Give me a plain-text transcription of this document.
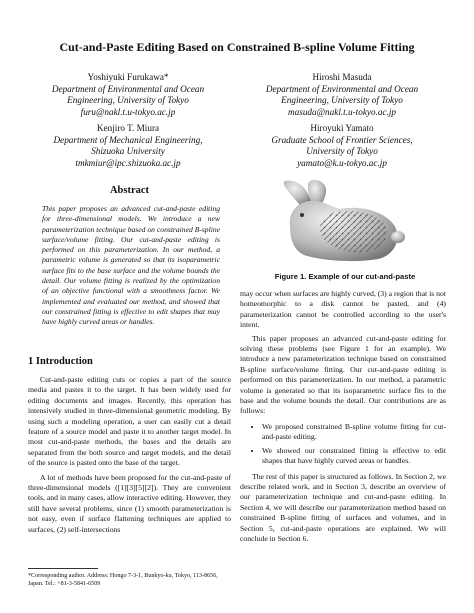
Cut-and-Paste Editing Based on Constrained B-spline Volume Fitting
Yoshiyuki Furukawa*
Department of Environmental and Ocean
Engineering, University of Tokyo
furu@nakl.t.u-tokyo.ac.jp
Hiroshi Masuda
Department of Environmental and Ocean
Engineering, University of Tokyo
masuda@nakl.t.u-tokyo.ac.jp
Kenjiro T. Miura
Department of Mechanical Engineering,
Shizuoka University
tmkmiur@ipc.shizuoka.ac.jp
Hiroyuki Yamato
Graduate School of Frontier Sciences,
University of Tokyo
yamato@k.u-tokyo.ac.jp
Abstract
This paper proposes an advanced cut-and-paste editing for three-dimensional models. We introduce a new parameterization technique based on constrained B-spline surface/volume fitting. Our cut-and-paste editing is performed on this parameterization. In our method, a parametric volume is generated so that its isoparametric surface fits to the base surface and the volume bounds the detail. Our volume fitting is realized by the optimization of an objective functional with a smoothness factor. We implemented and evaluated our method, and showed that our constrained fitting is effective to edit shapes that may have highly curved areas or handles.
1 Introduction

Cut-and-paste editing cuts or copies a part of the source media and pastes it to the target. It has been widely used for editing documents and images. Recently, this operation has intensively studied in three-dimensional geometric modeling. By using such a modeling operation, a user can easily cut a detail feature of a source model and paste it to another target model. In most cut-and-paste methods, the bases and the details are separated from the both source and target models, and the detail of the source is pasted onto the base of the target.

A lot of methods have been proposed for the cut-and-paste of three-dimensional models ([1][3][5][2]). They are convenient tools, and in many cases, allow interactive editing. However, they still have several problems, since (1) smooth parameterization is not easy, even if surface flattening techniques are applied to surfaces, (2) self-intersections

*Corresponding author. Address: Hongo 7-3-1, Bunkyo-ku, Tokyo, 113-8656, Japan. Tel.: +81-3-5841-6509
Figure 1. Example of our cut-and-paste

may occur when surfaces are highly curved, (3) a region that is not homeomorphic to a disk cannot be pasted, and (4) parameterization cannot be controlled according to the user's intent.

This paper proposes an advanced cut-and-paste editing for solving these problems (see Figure 1 for an example). We introduce a new parameterization technique based on constrained B-spline surface/volume fitting. Our cut-and-paste editing is performed on this parameterization. In our method, a parametric volume is generated so that its isoparametric surface fits to the base and the volume bounds the detail. Our contributions are as follows:

• We proposed constrained B-spline volume fitting for cut-and-paste editing.
• We showed our constrained fitting is effective to edit shapes that have highly curved areas or handles.

The rest of this paper is structured as follows. In Section 2, we describe related work, and in Section 3, describe an overview of our parameterization technique and cut-and-paste editing. In Section 4, we will describe our parameterization method based on constrained B-spline fitting of surfaces and volumes, and in Section 5, cut-and-paste operations are explained. We will conclude in Section 6.
